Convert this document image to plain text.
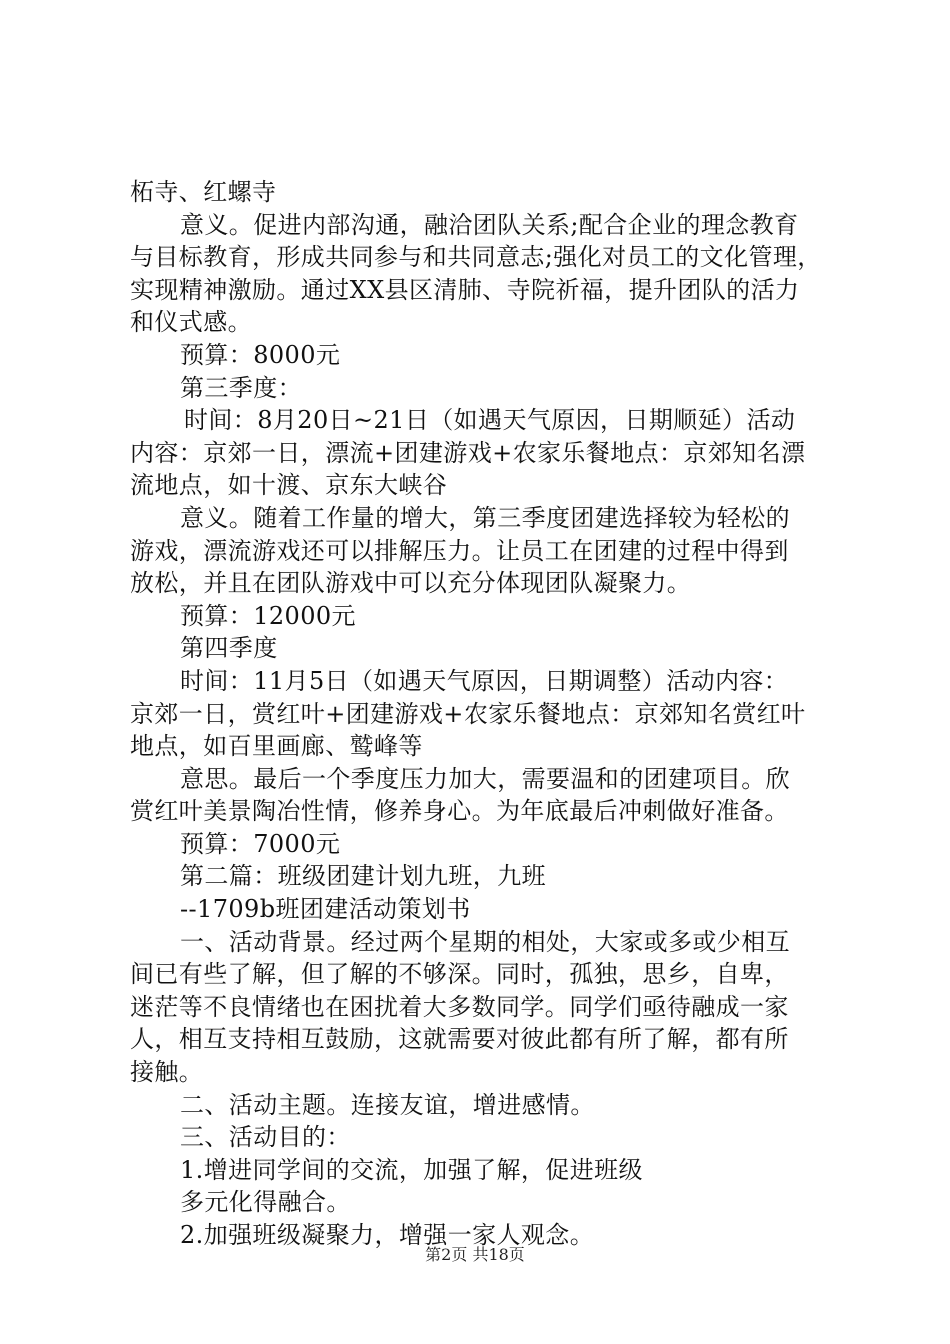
柘寺、红螺寺
意义。促进内部沟通，融洽团队关系;配合企业的理念教育
与目标教育，形成共同参与和共同意志;强化对员工的文化管理，
实现精神激励。通过XX县区清肺、寺院祈福，提升团队的活力
和仪式感。
预算：8000元
第三季度：
时间：8月20日~21日（如遇天气原因，日期顺延）活动
内容：京郊一日，漂流+团建游戏+农家乐餐地点：京郊知名漂
流地点，如十渡、京东大峡谷
意义。随着工作量的增大，第三季度团建选择较为轻松的
游戏，漂流游戏还可以排解压力。让员工在团建的过程中得到
放松，并且在团队游戏中可以充分体现团队凝聚力。
预算：12000元
第四季度
时间：11月5日（如遇天气原因，日期调整）活动内容：
京郊一日，赏红叶+团建游戏+农家乐餐地点：京郊知名赏红叶
地点，如百里画廊、鹫峰等
意思。最后一个季度压力加大，需要温和的团建项目。欣
赏红叶美景陶冶性情，修养身心。为年底最后冲刺做好准备。
预算：7000元
第二篇：班级团建计划九班，九班
--1709b班团建活动策划书
一、活动背景。经过两个星期的相处，大家或多或少相互
间已有些了解，但了解的不够深。同时，孤独，思乡，自卑，
迷茫等不良情绪也在困扰着大多数同学。同学们亟待融成一家
人，相互支持相互鼓励，这就需要对彼此都有所了解，都有所
接触。
二、活动主题。连接友谊，增进感情。
三、活动目的：
1.增进同学间的交流，加强了解，促进班级
多元化得融合。
2.加强班级凝聚力，增强一家人观念。
第2页 共18页
